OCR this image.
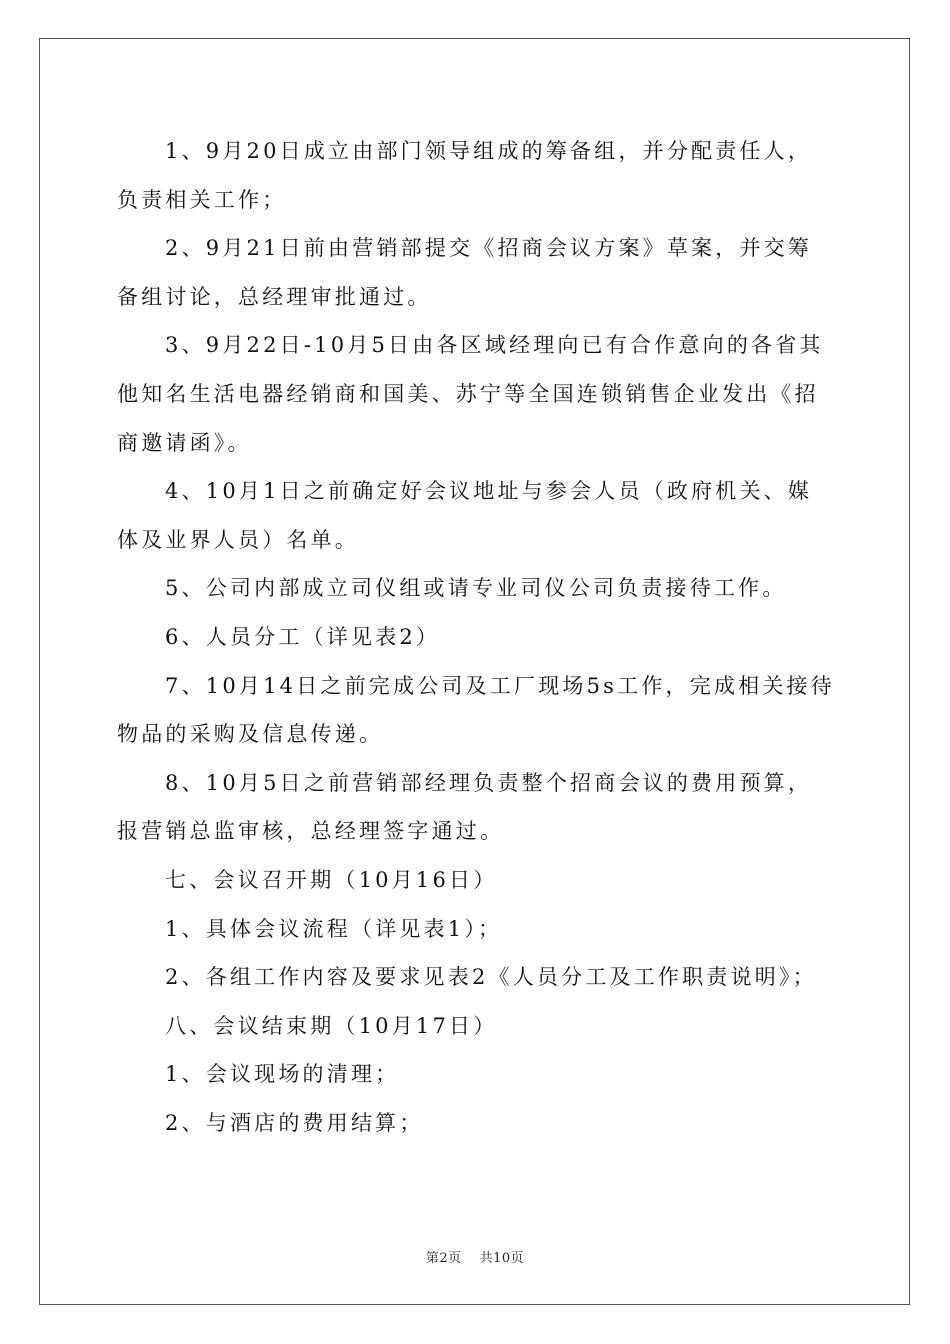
1、9月20日成立由部门领导组成的筹备组，并分配责任人，负责相关工作；

2、9月21日前由营销部提交《招商会议方案》草案，并交筹备组讨论，总经理审批通过。

3、9月22日-10月5日由各区域经理向已有合作意向的各省其他知名生活电器经销商和国美、苏宁等全国连锁销售企业发出《招商邀请函》。

4、10月1日之前确定好会议地址与参会人员（政府机关、媒体及业界人员）名单。

5、公司内部成立司仪组或请专业司仪公司负责接待工作。

6、人员分工（详见表2）

7、10月14日之前完成公司及工厂现场5s工作，完成相关接待物品的采购及信息传递。

8、10月5日之前营销部经理负责整个招商会议的费用预算，报营销总监审核，总经理签字通过。

七、会议召开期（10月16日）

1、具体会议流程（详见表1）；

2、各组工作内容及要求见表2《人员分工及工作职责说明》；

八、会议结束期（10月17日）

1、会议现场的清理；

2、与酒店的费用结算；

第2页 共10页
